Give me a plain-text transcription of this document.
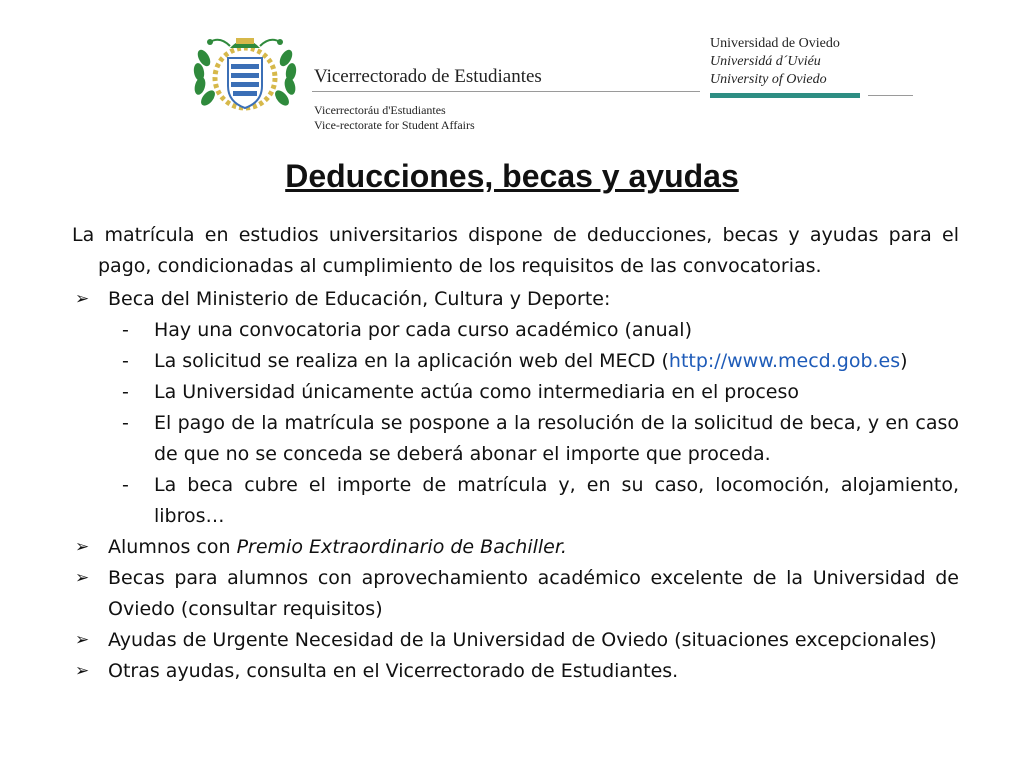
Vicerrectorado de Estudiantes
Vicerrectoráu d'Estudiantes
Vice-rectorate for Student Affairs
Universidad de Oviedo
Universidá d´Uviéu
University of Oviedo
Deducciones, becas y ayudas

La matrícula en estudios universitarios dispone de deducciones, becas y ayudas para el pago, condicionadas al cumplimiento de los requisitos de las convocatorias.

➢ Beca del Ministerio de Educación, Cultura y Deporte:
- Hay una convocatoria por cada curso académico (anual)
- La solicitud se realiza en la aplicación web del MECD (http://www.mecd.gob.es)
- La Universidad únicamente actúa como intermediaria en el proceso
- El pago de la matrícula se pospone a la resolución de la solicitud de beca, y en caso de que no se conceda se deberá abonar el importe que proceda.
- La beca cubre el importe de matrícula y, en su caso, locomoción, alojamiento, libros…
➢ Alumnos con Premio Extraordinario de Bachiller.
➢ Becas para alumnos con aprovechamiento académico excelente de la Universidad de Oviedo (consultar requisitos)
➢ Ayudas de Urgente Necesidad de la Universidad de Oviedo (situaciones excepcionales)
➢ Otras ayudas, consulta en el Vicerrectorado de Estudiantes.
